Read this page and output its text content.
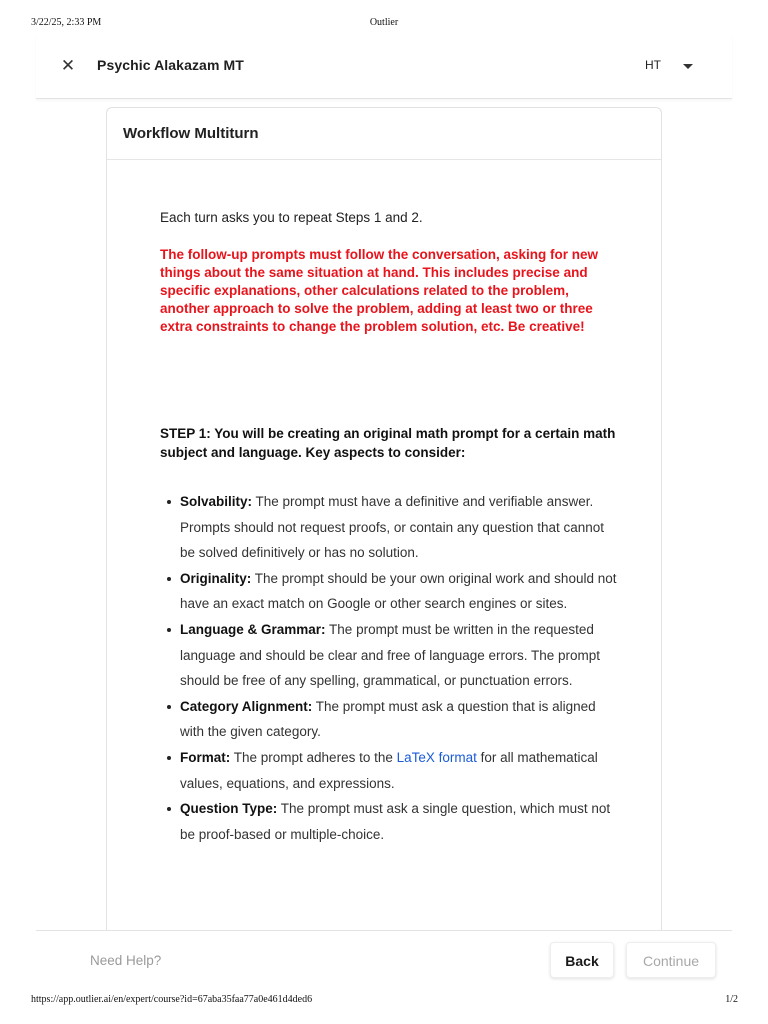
3/22/25, 2:33 PM	Outlier
✕ Psychic Alakazam MT	HT
Workflow Multiturn

Each turn asks you to repeat Steps 1 and 2.

The follow-up prompts must follow the conversation, asking for new things about the same situation at hand. This includes precise and specific explanations, other calculations related to the problem, another approach to solve the problem, adding at least two or three extra constraints to change the problem solution, etc. Be creative!

STEP 1: You will be creating an original math prompt for a certain math subject and language. Key aspects to consider:

Solvability: The prompt must have a definitive and verifiable answer. Prompts should not request proofs, or contain any question that cannot be solved definitively or has no solution.
Originality: The prompt should be your own original work and should not have an exact match on Google or other search engines or sites.
Language & Grammar: The prompt must be written in the requested language and should be clear and free of language errors. The prompt should be free of any spelling, grammatical, or punctuation errors.
Category Alignment: The prompt must ask a question that is aligned with the given category.
Format: The prompt adheres to the LaTeX format for all mathematical values, equations, and expressions.
Question Type: The prompt must ask a single question, which must not be proof-based or multiple-choice.
Need Help?	Back	Continue
https://app.outlier.ai/en/expert/course?id=67aba35faa77a0e461d4ded6	1/2
